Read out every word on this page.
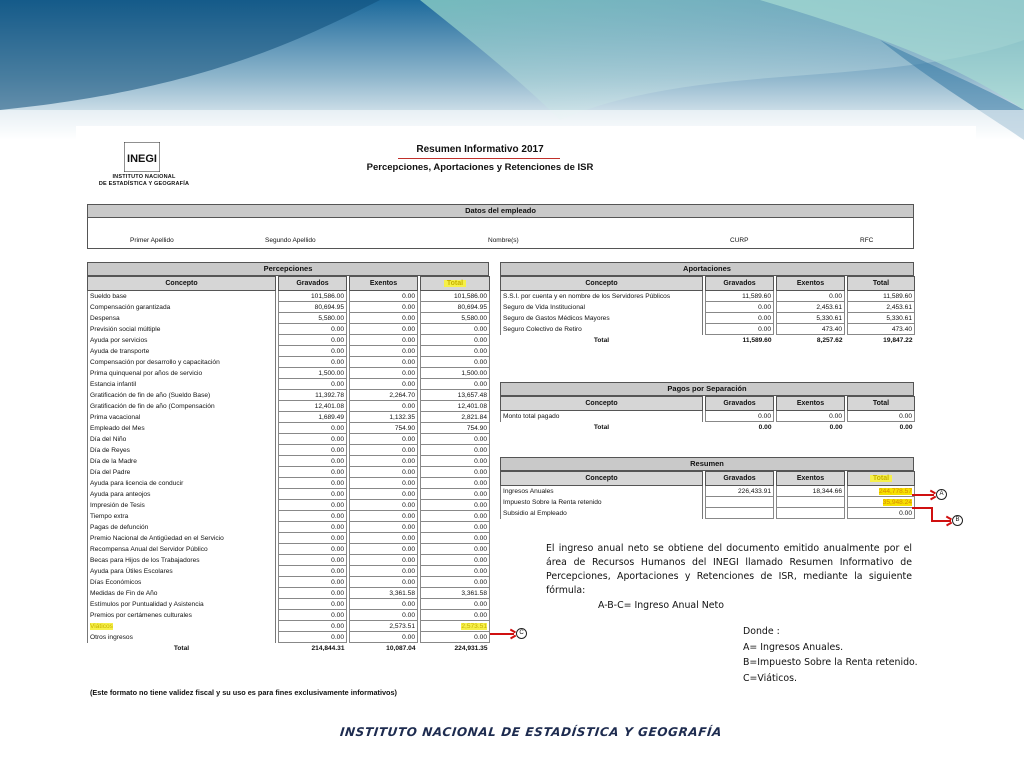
INEGI
INSTITUTO NACIONAL
DE ESTADÍSTICA Y GEOGRAFÍA
Resumen Informativo 2017
Percepciones, Aportaciones y Retenciones de ISR
Datos del empleado
Primer Apellido	Segundo Apellido	Nombre(s)	CURP	RFC
Percepciones
Concepto		Gravados		Exentos		Total
Sueldo base		101,586.00		0.00		101,586.00
Compensación garantizada		80,694.95		0.00		80,694.95
Despensa		5,580.00		0.00		5,580.00
Previsión social múltiple		0.00		0.00		0.00
Ayuda por servicios		0.00		0.00		0.00
Ayuda de transporte		0.00		0.00		0.00
Compensación por desarrollo y capacitación		0.00		0.00		0.00
Prima quinquenal por años de servicio		1,500.00		0.00		1,500.00
Estancia infantil		0.00		0.00		0.00
Gratificación de fin de año (Sueldo Base)		11,392.78		2,264.70		13,657.48
Gratificación de fin de año (Compensación		12,401.08		0.00		12,401.08
Prima vacacional		1,689.49		1,132.35		2,821.84
Empleado del Mes		0.00		754.90		754.90
Día del Niño		0.00		0.00		0.00
Día de Reyes		0.00		0.00		0.00
Día de la Madre		0.00		0.00		0.00
Día del Padre		0.00		0.00		0.00
Ayuda para licencia de conducir		0.00		0.00		0.00
Ayuda para anteojos		0.00		0.00		0.00
Impresión de Tesis		0.00		0.00		0.00
Tiempo extra		0.00		0.00		0.00
Pagas de defunción		0.00		0.00		0.00
Premio Nacional de Antigüedad en el Servicio		0.00		0.00		0.00
Recompensa Anual del Servidor Público		0.00		0.00		0.00
Becas para Hijos de los Trabajadores		0.00		0.00		0.00
Ayuda para Útiles Escolares		0.00		0.00		0.00
Días Económicos		0.00		0.00		0.00
Medidas de Fin de Año		0.00		3,361.58		3,361.58
Estímulos por Puntualidad y Asistencia		0.00		0.00		0.00
Premios por certámenes culturales		0.00		0.00		0.00
Viáticos		0.00		2,573.51		2,573.51
Otros ingresos		0.00		0.00		0.00
Total		214,844.31		10,087.04		224,931.35
Aportaciones
Concepto		Gravados		Exentos		Total
S.S.I. por cuenta y en nombre de los Servidores Públicos		11,589.60		0.00		11,589.60
Seguro de Vida Institucional		0.00		2,453.61		2,453.61
Seguro de Gastos Médicos Mayores		0.00		5,330.61		5,330.61
Seguro Colectivo de Retiro		0.00		473.40		473.40
Total		11,589.60		8,257.62		19,847.22
Pagos por Separación
Concepto		Gravados		Exentos		Total
Monto total pagado		0.00		0.00		0.00
Total		0.00		0.00		0.00
Resumen
Concepto		Gravados		Exentos		Total
Ingresos Anuales		226,433.91		18,344.66		244,778.57
Impuesto Sobre la Renta retenido						35,948.24
Subsidio al Empleado						0.00
A
B
C
El ingreso anual neto se obtiene del documento emitido anualmente por el área de Recursos Humanos del INEGI llamado Resumen Informativo de Percepciones, Aportaciones y Retenciones de ISR, mediante la siguiente fórmula:
A-B-C= Ingreso Anual Neto
Donde :
A= Ingresos Anuales.
B=Impuesto Sobre la Renta retenido.
C=Viáticos.
(Este formato no tiene validez fiscal y su uso es para fines exclusivamente informativos)
INSTITUTO NACIONAL DE ESTADÍSTICA Y GEOGRAFÍA
